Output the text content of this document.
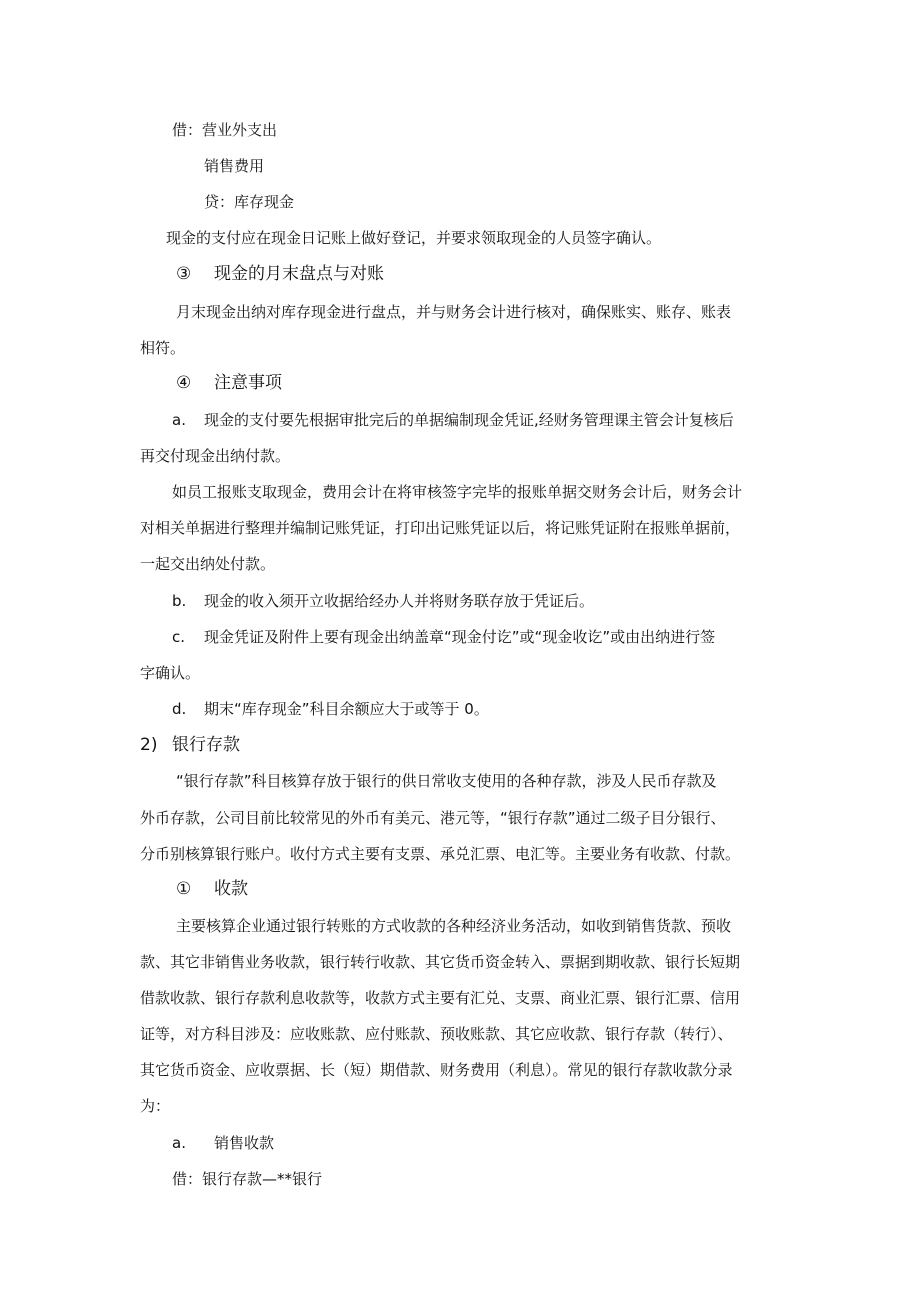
借：营业外支出
销售费用
贷：库存现金
现金的支付应在现金日记账上做好登记，并要求领取现金的人员签字确认。
③ 现金的月末盘点与对账
月末现金出纳对库存现金进行盘点，并与财务会计进行核对，确保账实、账存、账表
相符。
④ 注意事项
a. 现金的支付要先根据审批完后的单据编制现金凭证,经财务管理课主管会计复核后
再交付现金出纳付款。
如员工报账支取现金，费用会计在将审核签字完毕的报账单据交财务会计后，财务会计
对相关单据进行整理并编制记账凭证，打印出记账凭证以后，将记账凭证附在报账单据前，
一起交出纳处付款。
b. 现金的收入须开立收据给经办人并将财务联存放于凭证后。
c. 现金凭证及附件上要有现金出纳盖章“现金付讫”或“现金收讫”或由出纳进行签
字确认。
d. 期末“库存现金”科目余额应大于或等于 0。
2) 银行存款
“银行存款”科目核算存放于银行的供日常收支使用的各种存款，涉及人民币存款及
外币存款，公司目前比较常见的外币有美元、港元等，“银行存款”通过二级子目分银行、
分币别核算银行账户。收付方式主要有支票、承兑汇票、电汇等。主要业务有收款、付款。
① 收款
主要核算企业通过银行转账的方式收款的各种经济业务活动，如收到销售货款、预收
款、其它非销售业务收款，银行转行收款、其它货币资金转入、票据到期收款、银行长短期
借款收款、银行存款利息收款等，收款方式主要有汇兑、支票、商业汇票、银行汇票、信用
证等，对方科目涉及：应收账款、应付账款、预收账款、其它应收款、银行存款（转行）、
其它货币资金、应收票据、长（短）期借款、财务费用（利息）。常见的银行存款收款分录
为：
a. 销售收款
借：银行存款—**银行
